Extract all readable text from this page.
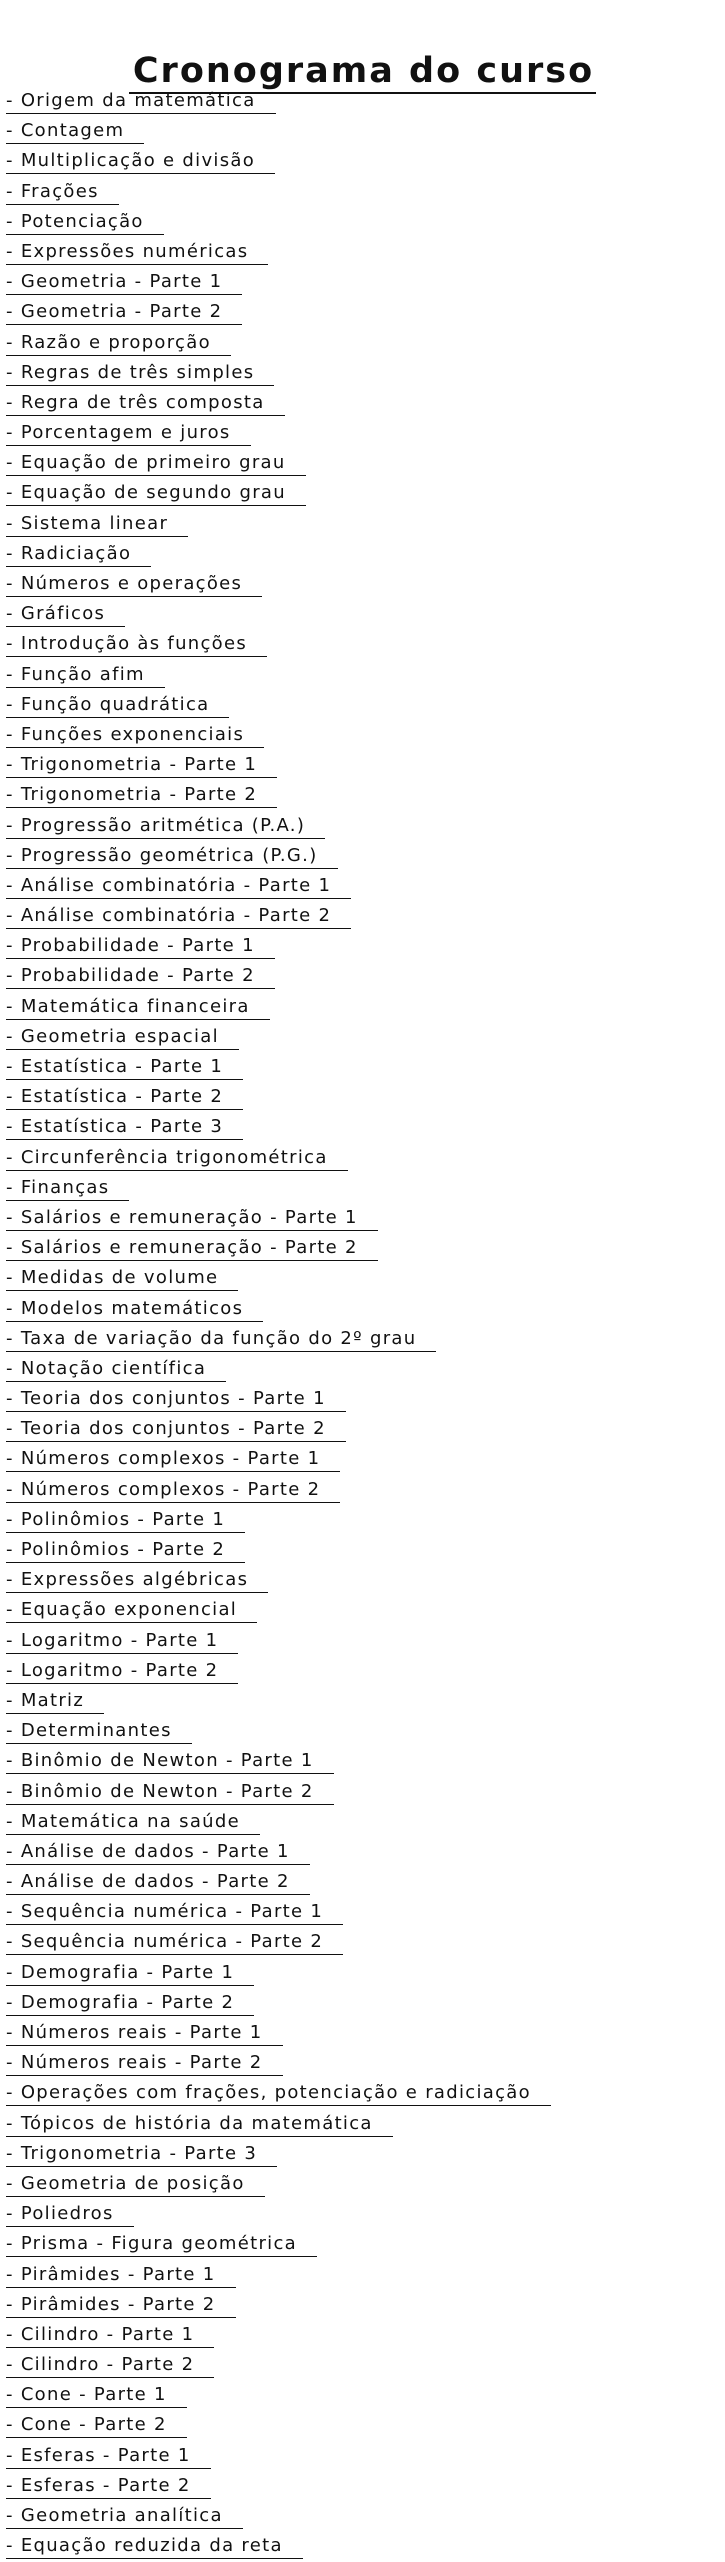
Cronograma do curso
- Origem da matemática
- Contagem
- Multiplicação e divisão
- Frações
- Potenciação
- Expressões numéricas
- Geometria - Parte 1
- Geometria - Parte 2
- Razão e proporção
- Regras de três simples
- Regra de três composta
- Porcentagem e juros
- Equação de primeiro grau
- Equação de segundo grau
- Sistema linear
- Radiciação
- Números e operações
- Gráficos
- Introdução às funções
- Função afim
- Função quadrática
- Funções exponenciais
- Trigonometria - Parte 1
- Trigonometria - Parte 2
- Progressão aritmética (P.A.)
- Progressão geométrica (P.G.)
- Análise combinatória - Parte 1
- Análise combinatória - Parte 2
- Probabilidade - Parte 1
- Probabilidade - Parte 2
- Matemática financeira
- Geometria espacial
- Estatística - Parte 1
- Estatística - Parte 2
- Estatística - Parte 3
- Circunferência trigonométrica
- Finanças
- Salários e remuneração - Parte 1
- Salários e remuneração - Parte 2
- Medidas de volume
- Modelos matemáticos
- Taxa de variação da função do 2º grau
- Notação científica
- Teoria dos conjuntos - Parte 1
- Teoria dos conjuntos - Parte 2
- Números complexos - Parte 1
- Números complexos - Parte 2
- Polinômios - Parte 1
- Polinômios - Parte 2
- Expressões algébricas
- Equação exponencial
- Logaritmo - Parte 1
- Logaritmo - Parte 2
- Matriz
- Determinantes
- Binômio de Newton - Parte 1
- Binômio de Newton - Parte 2
- Matemática na saúde
- Análise de dados - Parte 1
- Análise de dados - Parte 2
- Sequência numérica - Parte 1
- Sequência numérica - Parte 2
- Demografia - Parte 1
- Demografia - Parte 2
- Números reais - Parte 1
- Números reais - Parte 2
- Operações com frações, potenciação e radiciação
- Tópicos de história da matemática
- Trigonometria - Parte 3
- Geometria de posição
- Poliedros
- Prisma - Figura geométrica
- Pirâmides - Parte 1
- Pirâmides - Parte 2
- Cilindro - Parte 1
- Cilindro - Parte 2
- Cone - Parte 1
- Cone - Parte 2
- Esferas - Parte 1
- Esferas - Parte 2
- Geometria analítica
- Equação reduzida da reta
